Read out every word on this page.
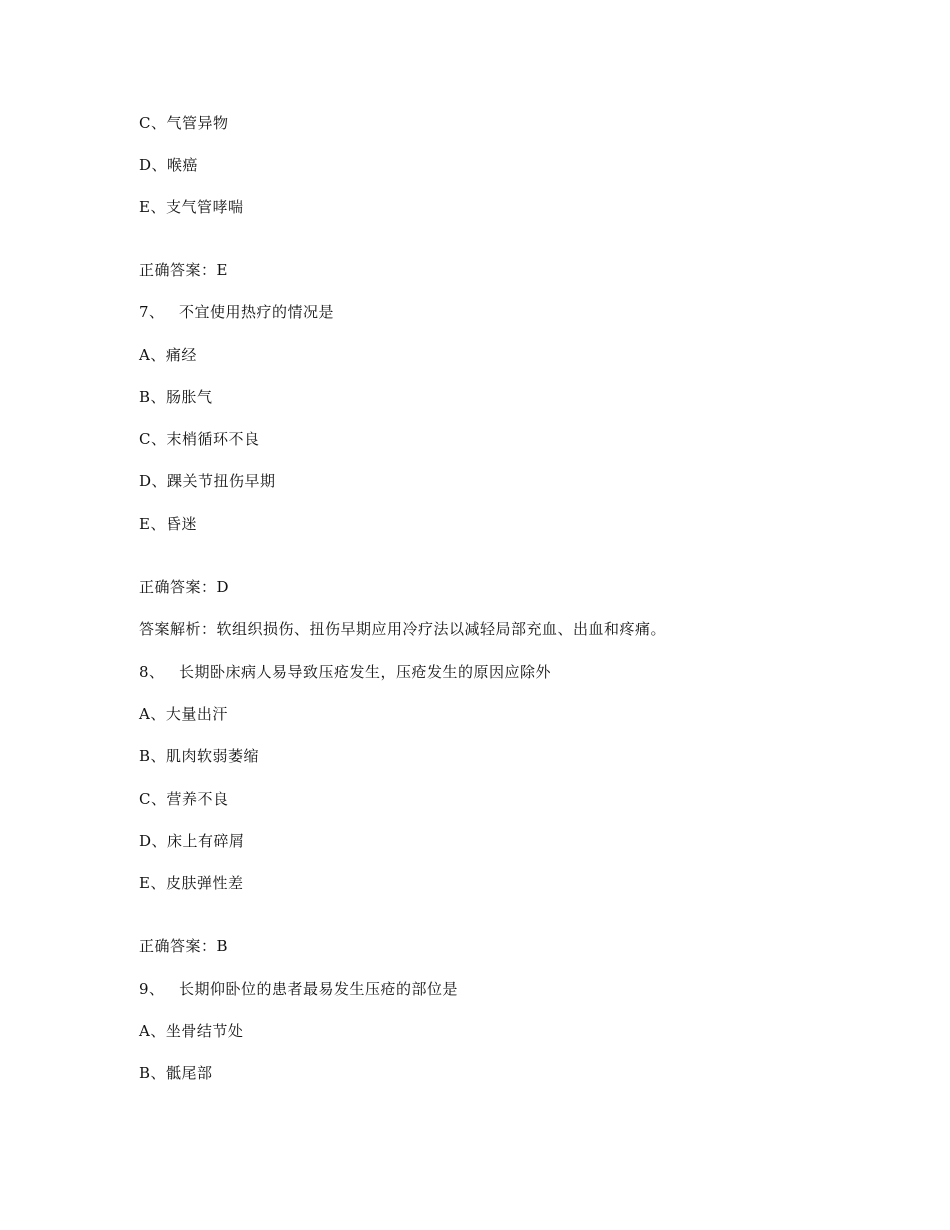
C、气管异物
D、喉癌
E、支气管哮喘
正确答案：E
7、 不宜使用热疗的情况是
A、痛经
B、肠胀气
C、末梢循环不良
D、踝关节扭伤早期
E、昏迷
正确答案：D
答案解析：软组织损伤、扭伤早期应用冷疗法以减轻局部充血、出血和疼痛。
8、 长期卧床病人易导致压疮发生，压疮发生的原因应除外
A、大量出汗
B、肌肉软弱萎缩
C、营养不良
D、床上有碎屑
E、皮肤弹性差
正确答案：B
9、 长期仰卧位的患者最易发生压疮的部位是
A、坐骨结节处
B、骶尾部
